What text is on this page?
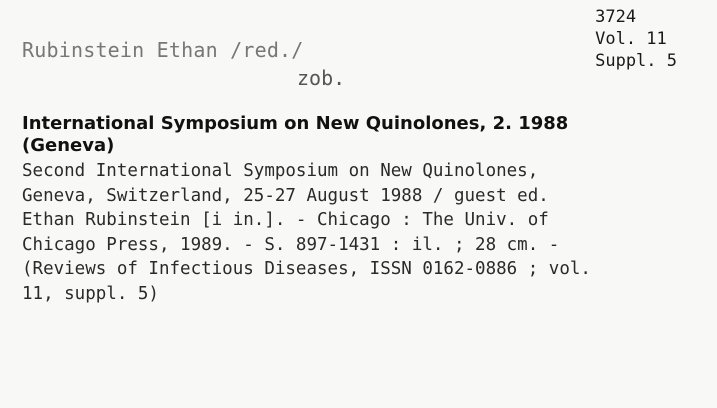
3724
Vol. 11
Suppl. 5
Rubinstein Ethan /red./
zob.
International Symposium on New Quinolones, 2. 1988
(Geneva)
Second International Symposium on New Quinolones,
Geneva, Switzerland, 25-27 August 1988 / guest ed.
Ethan Rubinstein [i in.]. - Chicago : The Univ. of
Chicago Press, 1989. - S. 897-1431 : il. ; 28 cm. -
(Reviews of Infectious Diseases, ISSN 0162-0886 ; vol.
11, suppl. 5)
